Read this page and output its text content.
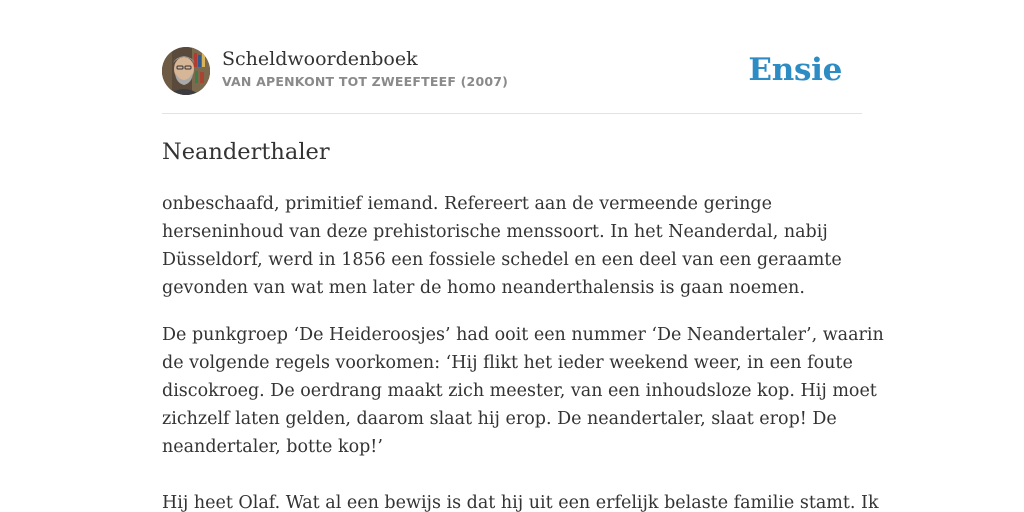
Scheldwoordenboek
VAN APENKONT TOT ZWEEFTEEF (2007)	Ensie
Neanderthaler

onbeschaafd, primitief iemand. Refereert aan de vermeende geringe
herseninhoud van deze prehistorische menssoort. In het Neanderdal, nabij
Düsseldorf, werd in 1856 een fossiele schedel en een deel van een geraamte
gevonden van wat men later de homo neanderthalensis is gaan noemen.

De punkgroep ‘De Heideroosjes’ had ooit een nummer ‘De Neandertaler’, waarin
de volgende regels voorkomen: ‘Hij flikt het ieder weekend weer, in een foute
discokroeg. De oerdrang maakt zich meester, van een inhoudsloze kop. Hij moet
zichzelf laten gelden, daarom slaat hij erop. De neandertaler, slaat erop! De
neandertaler, botte kop!’

Hij heet Olaf. Wat al een bewijs is dat hij uit een erfelijk belaste familie stamt. Ik
